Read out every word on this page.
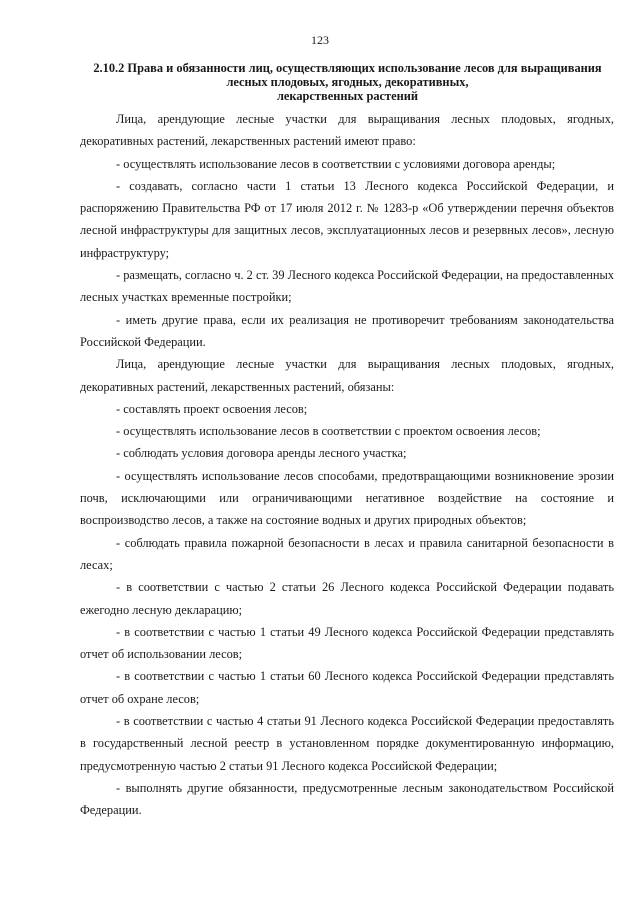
123
2.10.2 Права и обязанности лиц, осуществляющих использование лесов для выращивания
лесных плодовых, ягодных, декоративных,
лекарственных растений

Лица, арендующие лесные участки для выращивания лесных плодовых, ягодных, декоративных растений, лекарственных растений имеют право:

- осуществлять использование лесов в соответствии с условиями договора аренды;

- создавать, согласно части 1 статьи 13 Лесного кодекса Российской Федерации, и распоряжению Правительства РФ от 17 июля 2012 г. № 1283-р «Об утверждении перечня объектов лесной инфраструктуры для защитных лесов, эксплуатационных лесов и резервных лесов», лесную инфраструктуру;

- размещать, согласно ч. 2 ст. 39 Лесного кодекса Российской Федерации, на предоставленных лесных участках временные постройки;

- иметь другие права, если их реализация не противоречит требованиям законодательства Российской Федерации.

Лица, арендующие лесные участки для выращивания лесных плодовых, ягодных, декоративных растений, лекарственных растений, обязаны:

- составлять проект освоения лесов;

- осуществлять использование лесов в соответствии с проектом освоения лесов;

- соблюдать условия договора аренды лесного участка;

- осуществлять использование лесов способами, предотвращающими возникновение эрозии почв, исключающими или ограничивающими негативное воздействие на состояние и воспроизводство лесов, а также на состояние водных и других природных объектов;

- соблюдать правила пожарной безопасности в лесах и правила санитарной безопасности в лесах;

- в соответствии с частью 2 статьи 26 Лесного кодекса Российской Федерации подавать ежегодно лесную декларацию;

- в соответствии с частью 1 статьи 49 Лесного кодекса Российской Федерации представлять отчет об использовании лесов;

- в соответствии с частью 1 статьи 60 Лесного кодекса Российской Федерации представлять отчет об охране лесов;

- в соответствии с частью 4 статьи 91 Лесного кодекса Российской Федерации предоставлять в государственный лесной реестр в установленном порядке документированную информацию, предусмотренную частью 2 статьи 91 Лесного кодекса Российской Федерации;

- выполнять другие обязанности, предусмотренные лесным законодательством Российской Федерации.
